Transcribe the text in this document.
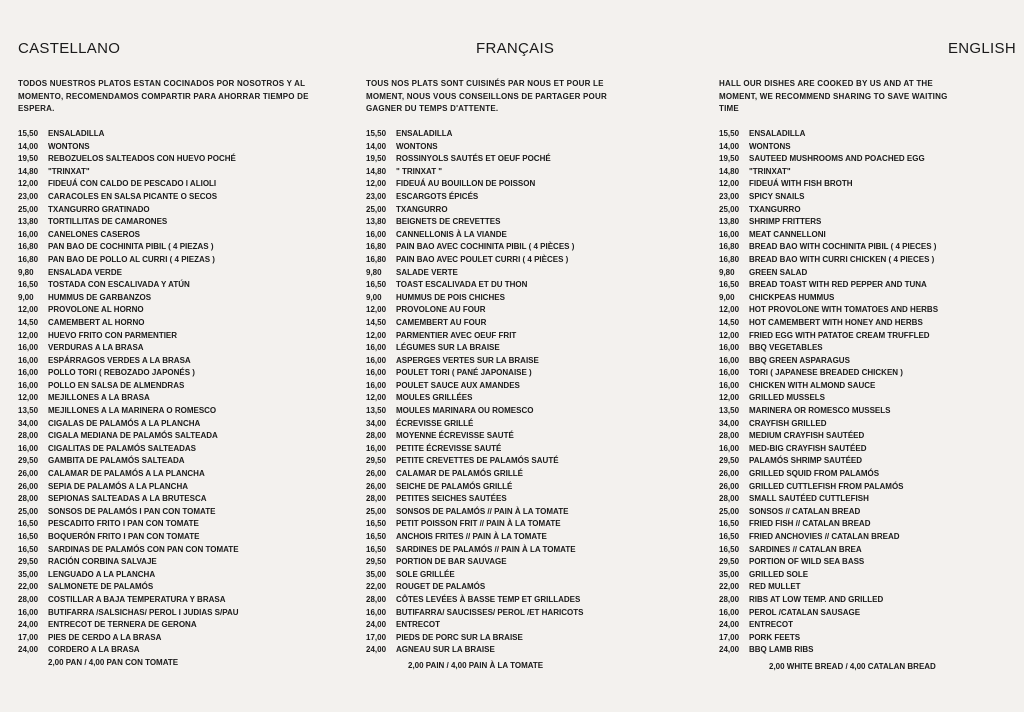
CASTELLANO	FRANÇAIS	ENGLISH
TODOS NUESTROS PLATOS ESTAN COCINADOS POR NOSOTROS Y AL MOMENTO, RECOMENDAMOS COMPARTIR PARA AHORRAR TIEMPO DE ESPERA.
TOUS NOS PLATS SONT CUISINÉS PAR NOUS ET POUR LE MOMENT, NOUS VOUS CONSEILLONS DE PARTAGER POUR GAGNER DU TEMPS D'ATTENTE.
HALL OUR DISHES ARE COOKED BY US AND AT THE MOMENT, WE RECOMMEND SHARING TO SAVE WAITING TIME
15,50	ENSALADILLA
14,00	WONTONS
19,50	REBOZUELOS SALTEADOS CON HUEVO POCHÉ
14,80	"TRINXAT"
12,00	FIDEUÁ CON CALDO DE PESCADO I ALIOLI
23,00	CARACOLES EN SALSA PICANTE O SECOS
25,00	TXANGURRO GRATINADO
13,80	TORTILLITAS DE CAMARONES
16,00	CANELONES CASEROS
16,80	PAN BAO DE COCHINITA PIBIL ( 4 PIEZAS )
16,80	PAN BAO DE POLLO AL CURRI ( 4 PIEZAS )
9,80	ENSALADA VERDE
16,50	TOSTADA CON ESCALIVADA Y ATÚN
9,00	HUMMUS DE GARBANZOS
12,00	PROVOLONE AL HORNO
14,50	CAMEMBERT AL HORNO
12,00	HUEVO FRITO CON PARMENTIER
16,00	VERDURAS A LA BRASA
16,00	ESPÁRRAGOS VERDES A LA BRASA
16,00	POLLO TORI ( REBOZADO JAPONÉS )
16,00	POLLO EN SALSA DE ALMENDRAS
12,00	MEJILLONES A LA BRASA
13,50	MEJILLONES A LA MARINERA O ROMESCO
34,00	CIGALAS DE PALAMÓS A LA PLANCHA
28,00	CIGALA MEDIANA DE PALAMÓS SALTEADA
16,00	CIGALITAS DE PALAMÓS SALTEADAS
29,50	GAMBITA DE PALAMÓS SALTEADA
26,00	CALAMAR DE PALAMÓS A LA PLANCHA
26,00	SEPIA DE PALAMÓS A LA PLANCHA
28,00	SEPIONAS SALTEADAS A LA BRUTESCA
25,00	SONSOS DE PALAMÓS I PAN CON TOMATE
16,50	PESCADITO FRITO I PAN CON TOMATE
16,50	BOQUERÓN FRITO I PAN CON TOMATE
16,50	SARDINAS DE PALAMÓS CON PAN CON TOMATE
29,50	RACIÓN CORBINA SALVAJE
35,00	LENGUADO A LA PLANCHA
22,00	SALMONETE DE PALAMÓS
28,00	COSTILLAR A BAJA TEMPERATURA Y BRASA
16,00	BUTIFARRA /SALSICHAS/ PEROL I JUDIAS S/PAU
24,00	ENTRECOT DE TERNERA DE GERONA
17,00	PIES DE CERDO A LA BRASA
24,00	CORDERO A LA BRASA
15,50	ENSALADILLA
14,00	WONTONS
19,50	ROSSINYOLS SAUTÉS ET OEUF POCHÉ
14,80	" TRINXAT "
12,00	FIDEUÁ AU BOUILLON DE POISSON
23,00	ESCARGOTS ÉPICÉS
25,00	TXANGURRO
13,80	BEIGNETS DE CREVETTES
16,00	CANNELLONIS À LA VIANDE
16,80	PAIN BAO AVEC COCHINITA PIBIL ( 4 PIÈCES )
16,80	PAIN BAO AVEC POULET CURRI ( 4 PIÈCES )
9,80	SALADE VERTE
16,50	TOAST ESCALIVADA ET DU THON
9,00	HUMMUS DE POIS CHICHES
12,00	PROVOLONE AU FOUR
14,50	CAMEMBERT AU FOUR
12,00	PARMENTIER AVEC OEUF FRIT
16,00	LÉGUMES SUR LA BRAISE
16,00	ASPERGES VERTES SUR LA BRAISE
16,00	POULET TORI ( PANÉ JAPONAISE )
16,00	POULET SAUCE AUX AMANDES
12,00	MOULES GRILLÉES
13,50	MOULES MARINARA OU ROMESCO
34,00	ÉCREVISSE GRILLÉ
28,00	MOYENNE ÉCREVISSE SAUTÉ
16,00	PETITE ÉCREVISSE SAUTÉ
29,50	PETITE CREVETTES DE PALAMÓS SAUTÉ
26,00	CALAMAR DE PALAMÓS GRILLÉ
26,00	SEICHE DE PALAMÓS GRILLÉ
28,00	PETITES SEICHES SAUTÉES
25,00	SONSOS DE PALAMÓS // PAIN À LA TOMATE
16,50	PETIT POISSON FRIT // PAIN À LA TOMATE
16,50	ANCHOIS FRITES // PAIN À LA TOMATE
16,50	SARDINES DE PALAMÓS // PAIN À LA TOMATE
29,50	PORTION DE BAR SAUVAGE
35,00	SOLE GRILLÉE
22,00	ROUGET DE PALAMÓS
28,00	CÔTES LEVÉES À BASSE TEMP ET GRILLADES
16,00	BUTIFARRA/ SAUCISSES/ PEROL /ET HARICOTS
24,00	ENTRECOT
17,00	PIEDS DE PORC SUR LA BRAISE
24,00	AGNEAU SUR LA BRAISE
15,50	ENSALADILLA
14,00	WONTONS
19,50	SAUTEED MUSHROOMS AND POACHED EGG
14,80	"TRINXAT"
12,00	FIDEUÁ WITH FISH BROTH
23,00	SPICY SNAILS
25,00	TXANGURRO
13,80	SHRIMP FRITTERS
16,00	MEAT CANNELLONI
16,80	BREAD BAO WITH COCHINITA PIBIL ( 4 PIECES )
16,80	BREAD BAO WITH CURRI CHICKEN ( 4 PIECES )
9,80	GREEN SALAD
16,50	BREAD TOAST WITH RED PEPPER AND TUNA
9,00	CHICKPEAS HUMMUS
12,00	HOT PROVOLONE WITH TOMATOES AND HERBS
14,50	HOT CAMEMBERT WITH HONEY AND HERBS
12,00	FRIED EGG WITH PATATOE CREAM TRUFFLED
16,00	BBQ VEGETABLES
16,00	BBQ GREEN ASPARAGUS
16,00	TORI ( JAPANESE BREADED CHICKEN )
16,00	CHICKEN WITH ALMOND SAUCE
12,00	GRILLED MUSSELS
13,50	MARINERA OR ROMESCO MUSSELS
34,00	CRAYFISH GRILLED
28,00	MEDIUM CRAYFISH SAUTÉED
16,00	MED-BIG CRAYFISH SAUTÉED
29,50	PALAMÓS SHRIMP SAUTÉED
26,00	GRILLED SQUID FROM PALAMÓS
26,00	GRILLED CUTTLEFISH FROM PALAMÓS
28,00	SMALL SAUTÉED CUTTLEFISH
25,00	SONSOS // CATALAN BREAD
16,50	FRIED FISH // CATALAN BREAD
16,50	FRIED ANCHOVIES // CATALAN BREAD
16,50	SARDINES // CATALAN BREA
29,50	PORTION OF WILD SEA BASS
35,00	GRILLED SOLE
22,00	RED MULLET
28,00	RIBS AT LOW TEMP. AND GRILLED
16,00	PEROL /CATALAN SAUSAGE
24,00	ENTRECOT
17,00	PORK FEETS
24,00	BBQ LAMB RIBS
2,00 PAN / 4,00 PAN CON TOMATE	2,00 PAIN / 4,00 PAIN À LA TOMATE	2,00 WHITE BREAD / 4,00 CATALAN BREAD
